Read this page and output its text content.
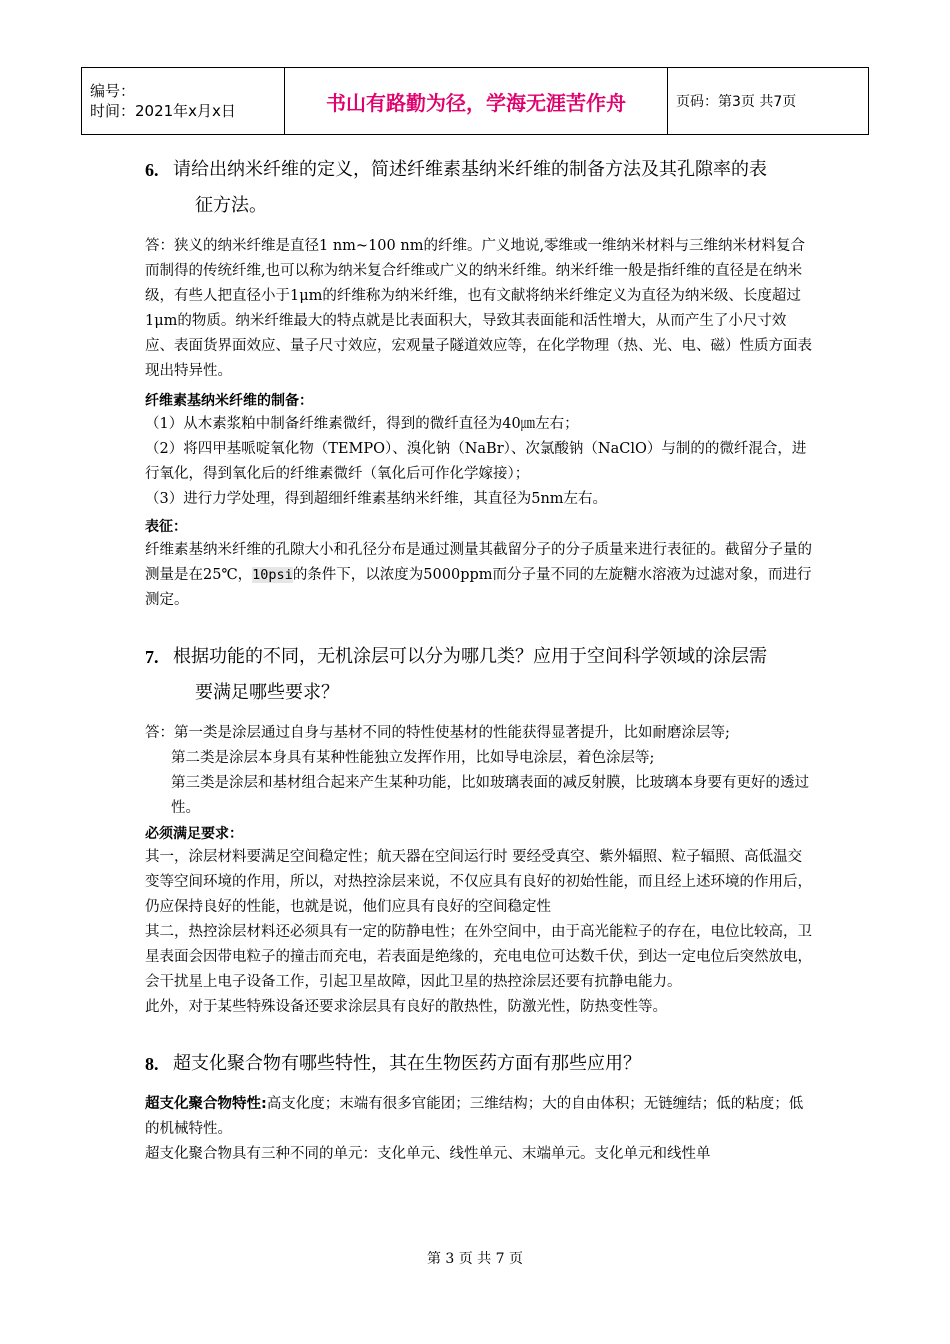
编号：
时间：2021年x月x日	书山有路勤为径，学海无涯苦作舟	页码：第3页 共7页
6. 请给出纳米纤维的定义，简述纤维素基纳米纤维的制备方法及其孔隙率的表
征方法。

答：狭义的纳米纤维是直径1 nm~100 nm的纤维。广义地说,零维或一维纳米材料与三维纳米材料复合而制得的传统纤维,也可以称为纳米复合纤维或广义的纳米纤维。纳米纤维一般是指纤维的直径是在纳米级，有些人把直径小于1μm的纤维称为纳米纤维，也有文献将纳米纤维定义为直径为纳米级、长度超过1μm的物质。纳米纤维最大的特点就是比表面积大，导致其表面能和活性增大，从而产生了小尺寸效应、表面货界面效应、量子尺寸效应，宏观量子隧道效应等，在化学物理（热、光、电、磁）性质方面表现出特异性。

纤维素基纳米纤维的制备：

（1）从木素浆粕中制备纤维素微纤，得到的微纤直径为40㎛左右；

（2）将四甲基哌啶氧化物（TEMPO）、溴化钠（NaBr）、次氯酸钠（NaClO）与制的的微纤混合，进行氧化，得到氧化后的纤维素微纤（氧化后可作化学嫁接）；

（3）进行力学处理，得到超细纤维素基纳米纤维，其直径为5nm左右。

表征：

纤维素基纳米纤维的孔隙大小和孔径分布是通过测量其截留分子的分子质量来进行表征的。截留分子量的测量是在25℃，10psi的条件下，以浓度为5000ppm而分子量不同的左旋糖水溶液为过滤对象，而进行测定。

7. 根据功能的不同，无机涂层可以分为哪几类？应用于空间科学领域的涂层需
要满足哪些要求？

答：第一类是涂层通过自身与基材不同的特性使基材的性能获得显著提升，比如耐磨涂层等;

第二类是涂层本身具有某种性能独立发挥作用，比如导电涂层，着色涂层等;

第三类是涂层和基材组合起来产生某种功能，比如玻璃表面的减反射膜，比玻璃本身要有更好的透过性。

必须满足要求：

其一，涂层材料要满足空间稳定性；航天器在空间运行时 要经受真空、紫外辐照、粒子辐照、高低温交变等空间环境的作用，所以，对热控涂层来说，不仅应具有良好的初始性能，而且经上述环境的作用后，仍应保持良好的性能，也就是说，他们应具有良好的空间稳定性

其二，热控涂层材料还必须具有一定的防静电性；在外空间中，由于高光能粒子的存在，电位比较高，卫星表面会因带电粒子的撞击而充电，若表面是绝缘的，充电电位可达数千伏，到达一定电位后突然放电，会干扰星上电子设备工作，引起卫星故障，因此卫星的热控涂层还要有抗静电能力。

此外，对于某些特殊设备还要求涂层具有良好的散热性，防激光性，防热变性等。

8. 超支化聚合物有哪些特性，其在生物医药方面有那些应用？

超支化聚合物特性:高支化度；末端有很多官能团；三维结构；大的自由体积；无链缠结；低的粘度；低的机械特性。

超支化聚合物具有三种不同的单元：支化单元、线性单元、末端单元。支化单元和线性单

第 3 页 共 7 页
